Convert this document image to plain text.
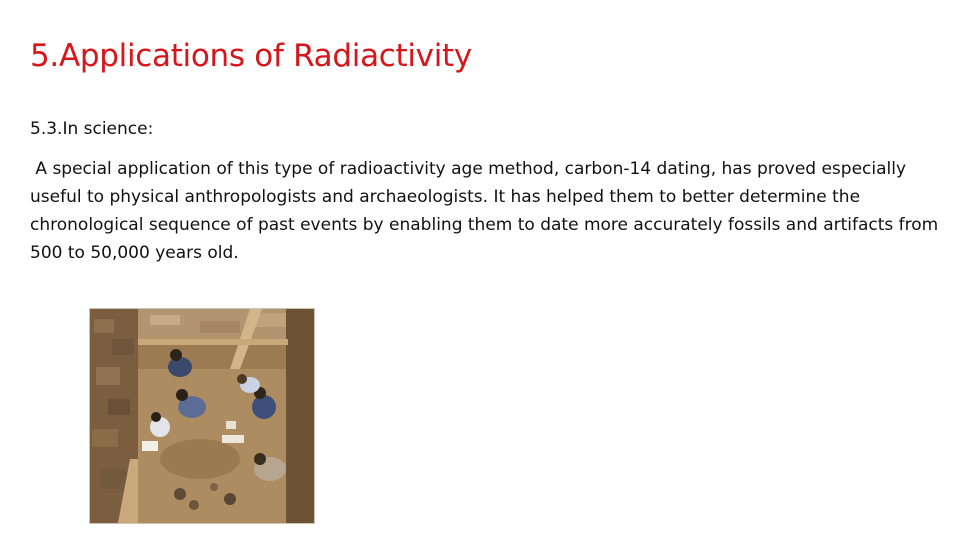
5.Applications of Radiactivity
5.3.In science:
A special application of this type of radioactivity age method, carbon-14 dating, has proved especially useful to physical anthropologists and archaeologists. It has helped them to better determine the chronological sequence of past events by enabling them to date more accurately fossils and artifacts from 500 to 50,000 years old.
